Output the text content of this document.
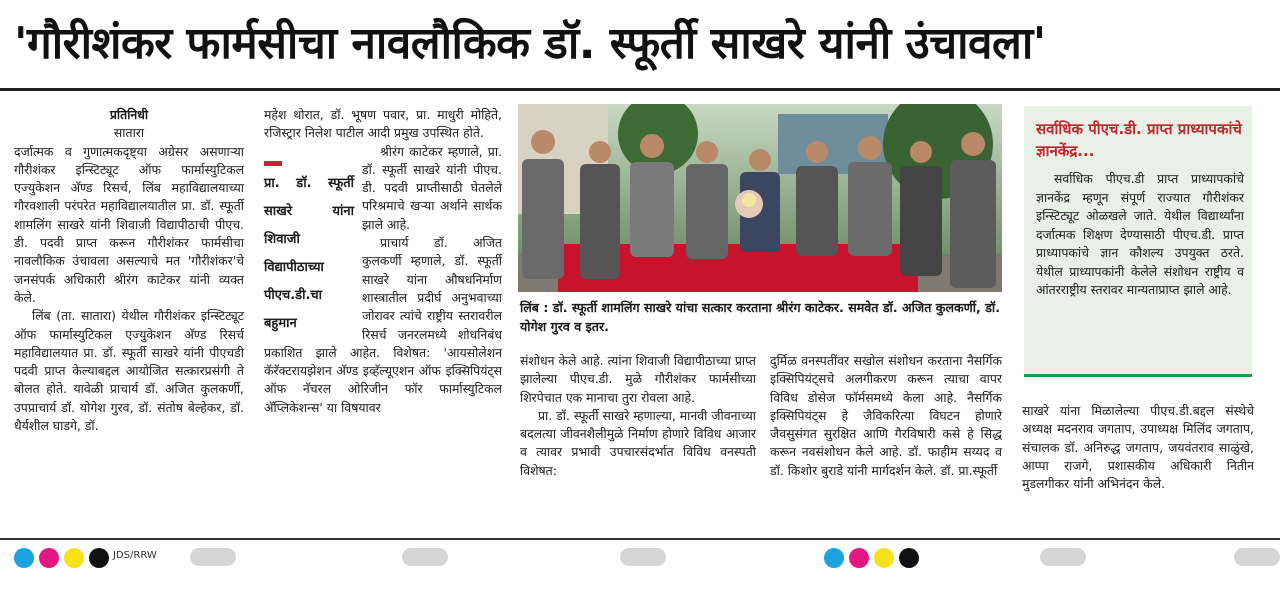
'गौरीशंकर फार्मसीचा नावलौकिक डॉ. स्फूर्ती साखरे यांनी उंचावला'

प्रतिनिधी

सातारा

दर्जात्मक व गुणात्मकदृष्ट्या अग्रेसर असणाऱ्या गौरीशंकर इन्स्टिट्यूट ऑफ फार्मास्युटिकल एज्युकेशन अ‍ॅण्ड रिसर्च, लिंब महाविद्यालयाच्या गौरवशाली परंपरेत महाविद्यालयातील प्रा. डॉ. स्फूर्ती शामलिंग साखरे यांनी शिवाजी विद्यापीठाची पीएच. डी. पदवी प्राप्त करून गौरीशंकर फार्मसीचा नावलौकिक उंचावला असल्याचे मत 'गौरीशंकर'चे जनसंपर्क अधिकारी श्रीरंग काटेकर यांनी व्यक्त केले.

लिंब (ता. सातारा) येथील गौरीशंकर इन्स्टिट्यूट ऑफ फार्मास्युटिकल एज्युकेशन अ‍ॅण्ड रिसर्च महाविद्यालयात प्रा. डॉ. स्फूर्ती साखरे यांनी पीएचडी पदवी प्राप्त केल्याबद्दल आयोजित सत्कारप्रसंगी ते बोलत होते. यावेळी प्राचार्य डॉ. अजित कुलकर्णी, उपप्राचार्य डॉ. योगेश गुरव, डॉ. संतोष बेल्हेकर, डॉ. धैर्यशील घाडगे, डॉ.

महेश थोरात, डॉ. भूषण पवार, प्रा. माधुरी मोहिते, रजिस्ट्रार निलेश पाटील आदी प्रमुख उपस्थित होते.

प्रा. डॉ. स्फूर्ती साखरे यांना शिवाजी विद्यापीठाच्या पीएच.डी.चा बहुमान

श्रीरंग काटेकर म्हणाले, प्रा. डॉ. स्फूर्ती साखरे यांनी पीएच. डी. पदवी प्राप्तीसाठी घेतलेले परिश्रमाचे खऱ्या अर्थाने सार्थक झाले आहे.

प्राचार्य डॉ. अजित कुलकर्णी म्हणाले, डॉ. स्फूर्ती साखरे यांना औषधनिर्माण शास्त्रातील प्रदीर्घ अनुभवाच्या जोरावर त्यांचे राष्ट्रीय स्तरावरील रिसर्च जनरलमध्ये शोधनिबंध प्रकाशित झाले आहेत. विशेषत: 'आयसोलेशन कॅरॅक्टरायझेशन अ‍ॅण्ड इव्हॅल्यूएशन ऑफ इक्सिपियंट्स ऑफ नॅचरल ओरिजीन फॉर फार्मास्युटिकल अ‍ॅप्लिकेशन्स' या विषयावर

लिंब : डॉ. स्फूर्ती शामलिंग साखरे यांचा सत्कार करताना श्रीरंग काटेकर. समवेत डॉ. अजित कुलकर्णी, डॉ. योगेश गुरव व इतर.

संशोधन केले आहे. त्यांना शिवाजी विद्यापीठाच्या प्राप्त झालेल्या पीएच.डी. मुळे गौरीशंकर फार्मसीच्या शिरपेचात एक मानाचा तुरा रोवला आहे.

प्रा. डॉ. स्फूर्ती साखरे म्हणाल्या, मानवी जीवनाच्या बदलत्या जीवनशैलीमुळे निर्माण होणारे विविध आजार व त्यावर प्रभावी उपचारसंदर्भात विविध वनस्पती विशेषत:

दुर्मिळ वनस्पतींवर सखोल संशोधन करताना नैसर्गिक इक्सिपियंट्सचे अलगीकरण करून त्याचा वापर विविध डोसेज फॉर्मसमध्ये केला आहे. नैसर्गिक इक्सिपियंट्स हे जैविकरित्या विघटन होणारे जैवसुसंगत सुरक्षित आणि गैरविषारी कसे हे सिद्ध करून नवसंशोधन केले आहे. डॉ. फाहीम सय्यद व डॉ. किशोर बुराडे यांनी मार्गदर्शन केले. डॉ. प्रा.स्फूर्ती

सर्वाधिक पीएच.डी. प्राप्त प्राध्यापकांचे ज्ञानकेंद्र...
सर्वाधिक पीएच.डी प्राप्त प्राध्यापकांचे ज्ञानकेंद्र म्हणून संपूर्ण राज्यात गौरीशंकर इन्स्टिट्यूट ओळखले जाते. येथील विद्यार्थ्यांना दर्जात्मक शिक्षण देण्यासाठी पीएच.डी. प्राप्त प्राध्यापकांचे ज्ञान कौशल्य उपयुक्त ठरते. येथील प्राध्यापकांनी केलेले संशोधन राष्ट्रीय व आंतरराष्ट्रीय स्तरावर मान्यताप्राप्त झाले आहे.

साखरे यांना मिळालेल्या पीएच.डी.बद्दल संस्थेचे अध्यक्ष मदनराव जगताप, उपाध्यक्ष मिलिंद जगताप, संचालक डॉ. अनिरुद्ध जगताप, जयवंतराव साळुंखे, आप्पा राजगे, प्रशासकीय अधिकारी नितीन मुडलगीकर यांनी अभिनंदन केले.

JDS/RRW
